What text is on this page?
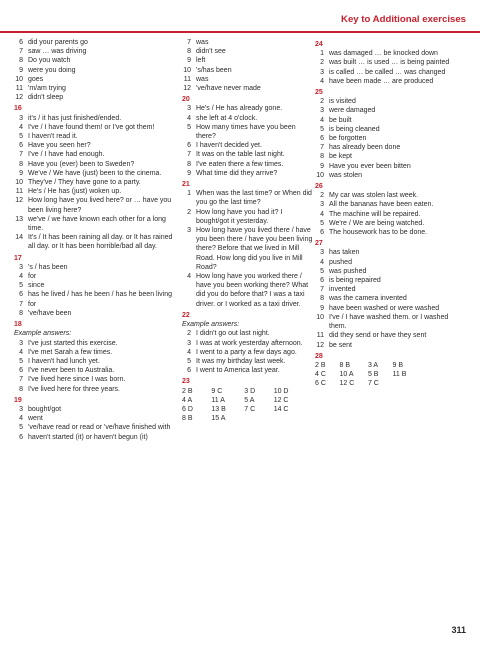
Key to Additional exercises
6 did your parents go
7 saw … was driving
8 Do you watch
9 were you doing
10 goes
11 'm/am trying
12 didn't sleep
16
3 it's / it has just finished/ended.
4 I've / I have found them! or I've got them!
5 I haven't read it.
6 Have you seen her?
7 I've / I have had enough.
8 Have you (ever) been to Sweden?
9 We've / We have (just) been to the cinema.
10 They've / They have gone to a party.
11 He's / He has (just) woken up.
12 How long have you lived here? or … have you been living here?
13 we've / we have known each other for a long time.
14 It's / It has been raining all day. or It has rained all day. or It has been horrible/bad all day.
17
3 's / has been
4 for
5 since
6 has he lived / has he been / has he been living
7 for
8 've/have been
18
Example answers:
3 I've just started this exercise.
4 I've met Sarah a few times.
5 I haven't had lunch yet.
6 I've never been to Australia.
7 I've lived here since I was born.
8 I've lived here for three years.
19
3 bought/got
4 went
5 've/have read or read or 've/have finished with
6 haven't started (it) or haven't begun (it)
7 was
8 didn't see
9 left
10 's/has been
11 was
12 've/have never made
20
3 He's / He has already gone.
4 she left at 4 o'clock.
5 How many times have you been there?
6 I haven't decided yet.
7 It was on the table last night.
8 I've eaten there a few times.
9 What time did they arrive?
21
1 When was the last time? or When did you go the last time?
2 How long have you had it? I bought/got it yesterday.
3 How long have you lived there / have you been there / have you been living there? Before that we lived in Mill Road. How long did you live in Mill Road?
4 How long have you worked there / have you been working there? What did you do before that? I was a taxi driver. or I worked as a taxi driver.
22
Example answers:
2 I didn't go out last night.
3 I was at work yesterday afternoon.
4 I went to a party a few days ago.
5 It was my birthday last week.
6 I went to America last year.
23
2 B	9 C	3 D	10 D
4 A	11 A	5 A	12 C
6 D	13 B	7 C	14 C
8 B	15 A
24
1 was damaged … be knocked down
2 was built … is used … is being painted
3 is called … be called … was changed
4 have been made … are produced
25
2 is visited
3 were damaged
4 be built
5 is being cleaned
6 be forgotten
7 has already been done
8 be kept
9 Have you ever been bitten
10 was stolen
26
2 My car was stolen last week.
3 All the bananas have been eaten.
4 The machine will be repaired.
5 We're / We are being watched.
6 The housework has to be done.
27
3 has taken
4 pushed
5 was pushed
6 is being repaired
7 invented
8 was the camera invented
9 have been washed or were washed
10 I've / I have washed them. or I washed them.
11 did they send or have they sent
12 be sent
28
2 B	8 B	3 A	9 B
4 C	10 A	5 B	11 B
6 C	12 C	7 C
311
